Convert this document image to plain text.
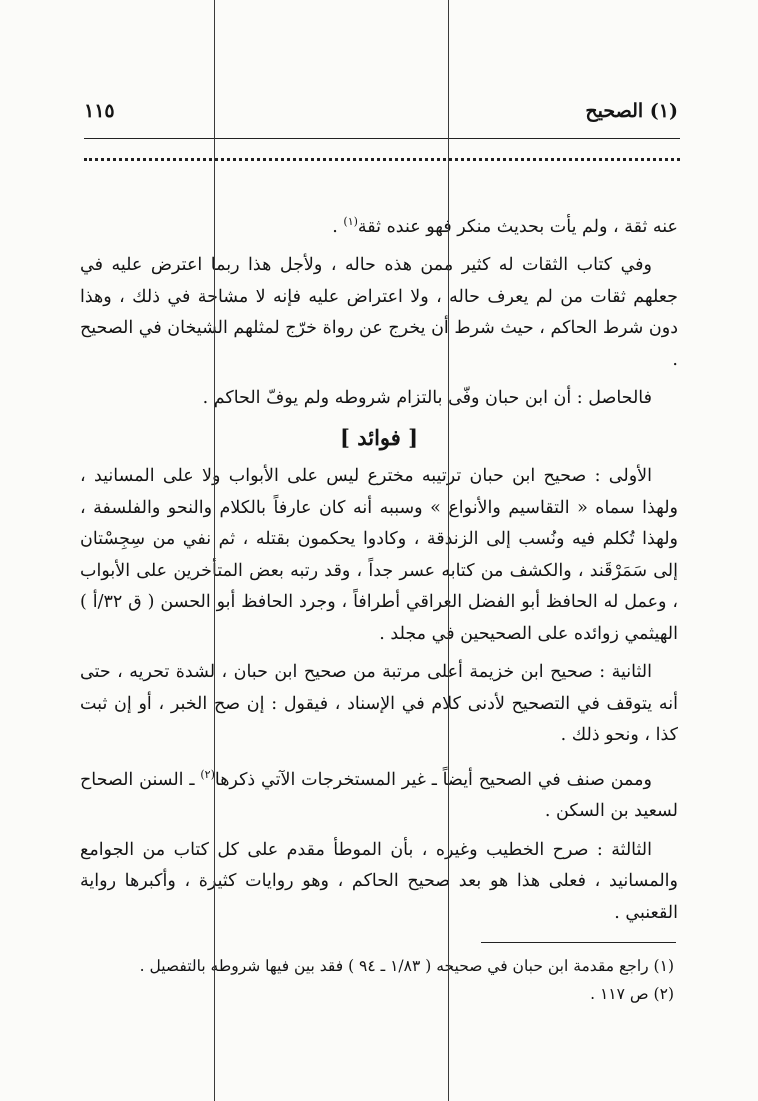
(١) الصحيح
١١٥

عنه ثقة ، ولم يأت بحديث منكر فهو عنده ثقة$^{(١)}$ .

وفي كتاب الثقات له كثير ممن هذه حاله ، ولأجل هذا ربما اعترض عليه في جعلهم ثقات من لم يعرف حاله ، ولا اعتراض عليه فإنه لا مشاحة في ذلك ، وهذا دون شرط الحاكم ، حيث شرط أن يخرج عن رواة خرّج لمثلهم الشيخان في الصحيح .

فالحاصل : أن ابن حبان وفّى بالتزام شروطه ولم يوفّ الحاكم .

[ فوائد ]

الأولى : صحيح ابن حبان ترتيبه مخترع ليس على الأبواب ولا على المسانيد ، ولهذا سماه « التقاسيم والأنواع » وسببه أنه كان عارفاً بالكلام والنحو والفلسفة ، ولهذا تُكلم فيه ونُسب إلى الزندقة ، وكادوا يحكمون بقتله ، ثم نفي من سِجِسْتان إلى سَمَرْقَند ، والكشف من كتابه عسر جداً ، وقد رتبه بعض المتأخرين على الأبواب ، وعمل له الحافظ أبو الفضل العراقي أطرافاً ، وجرد الحافظ أبو الحسن ( ق ٣٢/أ ) الهيثمي زوائده على الصحيحين في مجلد .

الثانية : صحيح ابن خزيمة أعلى مرتبة من صحيح ابن حبان ، لشدة تحريه ، حتى أنه يتوقف في التصحيح لأدنى كلام في الإسناد ، فيقول : إن صح الخبر ، أو إن ثبت كذا ، ونحو ذلك .

وممن صنف في الصحيح أيضاً ـ غير المستخرجات الآتي ذكرها$^{(٢)}$ ـ السنن الصحاح لسعيد بن السكن .

الثالثة : صرح الخطيب وغيره ، بأن الموطأ مقدم على كل كتاب من الجوامع والمسانيد ، فعلى هذا هو بعد صحيح الحاكم ، وهو روايات كثيرة ، وأكبرها رواية القعنبي .

(١) راجع مقدمة ابن حبان في صحيحه ( ١/٨٣ ـ ٩٤ ) فقد بين فيها شروطه بالتفصيل .
(٢) ص ١١٧ .
